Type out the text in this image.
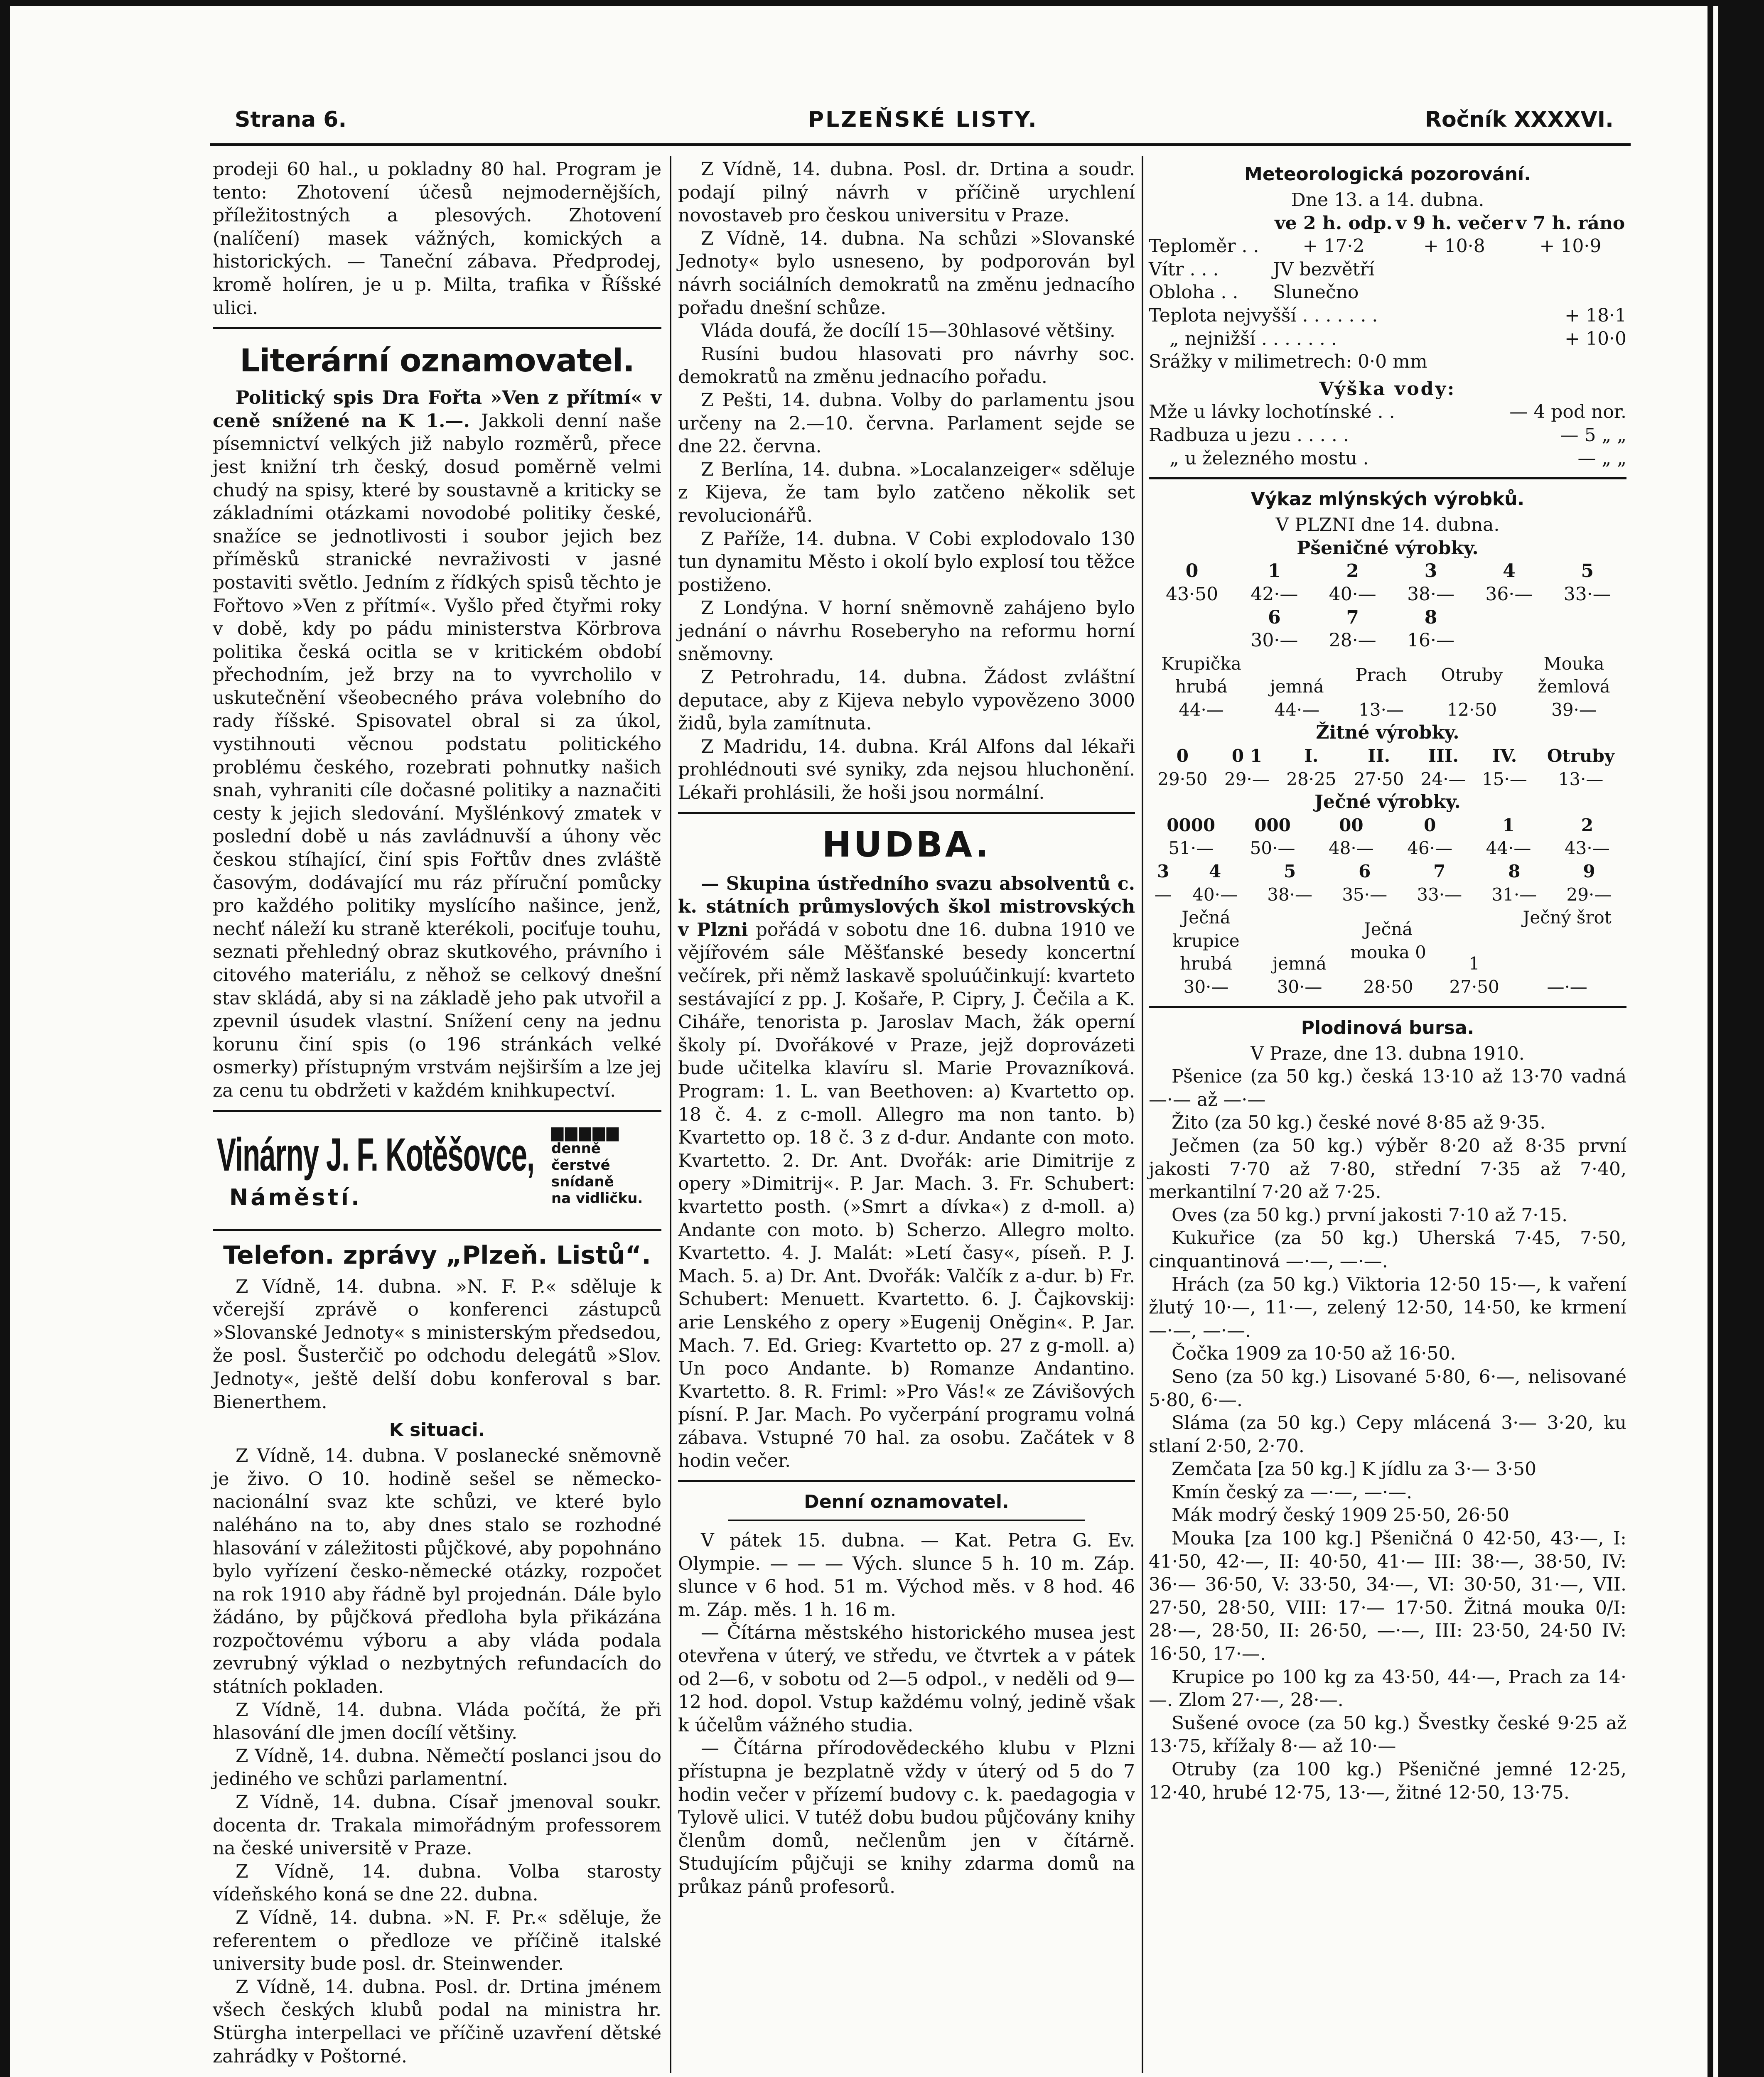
Strana 6.	PLZEŇSKÉ LISTY.	Ročník XXXXVI.

prodeji 60 hal., u pokladny 80 hal. Program je tento: Zhotovení účesů nejmodernějších, příležitostných a plesových. Zhotovení (nalíčení) masek vážných, komických a historických. — Taneční zábava. Předprodej, kromě holíren, je u p. Milta, trafika v Říšské ulici.

Literární oznamovatel.

Politický spis Dra Fořta »Ven z přítmí« v ceně snížené na K 1.—. Jakkoli denní naše písemnictví velkých již nabylo rozměrů, přece jest knižní trh český, dosud poměrně velmi chudý na spisy, které by soustavně a kriticky se základními otázkami novodobé politiky české, snažíce se jednotlivosti i soubor jejich bez příměsků stranické nevraživosti v jasné postaviti světlo. Jedním z řídkých spisů těchto je Fořtovo »Ven z přítmí«. Vyšlo před čtyřmi roky v době, kdy po pádu ministerstva Körbrova politika česká ocitla se v kritickém období přechodním, jež brzy na to vyvrcholilo v uskutečnění všeobecného práva volebního do rady říšské. Spisovatel obral si za úkol, vystihnouti věcnou podstatu politického problému českého, rozebrati pohnutky našich snah, vyhraniti cíle dočasné politiky a naznačiti cesty k jejich sledování. Myšlénkový zmatek v poslední době u nás zavládnuvší a úhony věc českou stíhající, činí spis Fořtův dnes zvláště časovým, dodávající mu ráz příruční pomůcky pro každého politiky myslícího našince, jenž, nechť náleží ku straně kterékoli, pociťuje touhu, seznati přehledný obraz skutkového, právního i citového materiálu, z něhož se celkový dnešní stav skládá, aby si na základě jeho pak utvořil a zpevnil úsudek vlastní. Snížení ceny na jednu korunu činí spis (o 196 stránkách velké osmerky) přístupným vrstvám nejširším a lze jej za cenu tu obdržeti v každém knihkupectví.

Vinárny J. F. Kotěšovce,
Náměstí.
▆▆▆▆▆
denně čerstvé
snídaně
na vidličku.
Telefon. zprávy „Plzeň. Listů“.

Z Vídně, 14. dubna. »N. F. P.« sděluje k včerejší zprávě o konferenci zástupců »Slovanské Jednoty« s ministerským předsedou, že posl. Šusterčič po odchodu delegátů »Slov. Jednoty«, ještě delší dobu konferoval s bar. Bienerthem.

K situaci.

Z Vídně, 14. dubna. V poslanecké sněmovně je živo. O 10. hodině sešel se německo-nacionální svaz kte schůzi, ve které bylo naléháno na to, aby dnes stalo se rozhodné hlasování v záležitosti půjčkové, aby popohnáno bylo vyřízení česko-německé otázky, rozpočet na rok 1910 aby řádně byl projednán. Dále bylo žádáno, by půjčková předloha byla přikázána rozpočtovému výboru a aby vláda podala zevrubný výklad o nezbytných refundacích do státních pokladen.

Z Vídně, 14. dubna. Vláda počítá, že při hlasování dle jmen docílí většiny.

Z Vídně, 14. dubna. Němečtí poslanci jsou do jediného ve schůzi parlamentní.

Z Vídně, 14. dubna. Císař jmenoval soukr. docenta dr. Trakala mimořádným professorem na české universitě v Praze.

Z Vídně, 14. dubna. Volba starosty vídeňského koná se dne 22. dubna.

Z Vídně, 14. dubna. »N. F. Pr.« sděluje, že referentem o předloze ve příčině italské university bude posl. dr. Steinwender.

Z Vídně, 14. dubna. Posl. dr. Drtina jménem všech českých klubů podal na ministra hr. Stürgha interpellaci ve příčině uzavření dětské zahrádky v Poštorné.

Z Vídně, 14. dubna. Posl. dr. Drtina a soudr. podají pilný návrh v příčině urychlení novostaveb pro českou universitu v Praze.

Z Vídně, 14. dubna. Na schůzi »Slovanské Jednoty« bylo usneseno, by podporován byl návrh sociálních demokratů na změnu jednacího pořadu dnešní schůze.

Vláda doufá, že docílí 15—30hlasové většiny.

Rusíni budou hlasovati pro návrhy soc. demokratů na změnu jednacího pořadu.

Z Pešti, 14. dubna. Volby do parlamentu jsou určeny na 2.—10. června. Parlament sejde se dne 22. června.

Z Berlína, 14. dubna. »Localanzeiger« sděluje z Kijeva, že tam bylo zatčeno několik set revolucionářů.

Z Paříže, 14. dubna. V Cobi explodovalo 130 tun dynamitu Město i okolí bylo explosí tou těžce postiženo.

Z Londýna. V horní sněmovně zahájeno bylo jednání o návrhu Roseberyho na reformu horní sněmovny.

Z Petrohradu, 14. dubna. Žádost zvláštní deputace, aby z Kijeva nebylo vypovězeno 3000 židů, byla zamítnuta.

Z Madridu, 14. dubna. Král Alfons dal lékaři prohlédnouti své syniky, zda nejsou hluchonění. Lékaři prohlásili, že hoši jsou normální.

HUDBA.

— Skupina ústředního svazu absolventů c. k. státních průmyslových škol mistrovských v Plzni pořádá v sobotu dne 16. dubna 1910 ve vějířovém sále Měšťanské besedy koncertní večírek, při němž laskavě spoluúčinkují: kvarteto sestávající z pp. J. Košaře, P. Cipry, J. Čečila a K. Ciháře, tenorista p. Jaroslav Mach, žák operní školy pí. Dvořákové v Praze, jejž doprovázeti bude učitelka klavíru sl. Marie Provazníková. Program: 1. L. van Beethoven: a) Kvartetto op. 18 č. 4. z c-moll. Allegro ma non tanto. b) Kvartetto op. 18 č. 3 z d-dur. Andante con moto. Kvartetto. 2. Dr. Ant. Dvořák: arie Dimitrije z opery »Dimitrij«. P. Jar. Mach. 3. Fr. Schubert: kvartetto posth. (»Smrt a dívka«) z d-moll. a) Andante con moto. b) Scherzo. Allegro molto. Kvartetto. 4. J. Malát: »Letí časy«, píseň. P. J. Mach. 5. a) Dr. Ant. Dvořák: Valčík z a-dur. b) Fr. Schubert: Menuett. Kvartetto. 6. J. Čajkovskij: arie Lenského z opery »Eugenij Oněgin«. P. Jar. Mach. 7. Ed. Grieg: Kvartetto op. 27 z g-moll. a) Un poco Andante. b) Romanze Andantino. Kvartetto. 8. R. Friml: »Pro Vás!« ze Závišových písní. P. Jar. Mach. Po vyčerpání programu volná zábava. Vstupné 70 hal. za osobu. Začátek v 8 hodin večer.

Denní oznamovatel.

V pátek 15. dubna. — Kat. Petra G. Ev. Olympie. — — — Vých. slunce 5 h. 10 m. Záp. slunce v 6 hod. 51 m. Východ měs. v 8 hod. 46 m. Záp. měs. 1 h. 16 m.

— Čítárna městského historického musea jest otevřena v úterý, ve středu, ve čtvrtek a v pátek od 2—6, v sobotu od 2—5 odpol., v neděli od 9—12 hod. dopol. Vstup každému volný, jedině však k účelům vážného studia.

— Čítárna přírodovědeckého klubu v Plzni přístupna je bezplatně vždy v úterý od 5 do 7 hodin večer v přízemí budovy c. k. paedagogia v Tylově ulici. V tutéž dobu budou půjčovány knihy členům domů, nečlenům jen v čítárně. Studujícím půjčuji se knihy zdarma domů na průkaz pánů profesorů.

Meteorologická pozorování.

Dne 13. a 14. dubna.

	ve 2 h. odp.	v 9 h. večer	v 7 h. ráno
Teploměr . .	+ 17·2	+ 10·8	+ 10·9
Vítr . . .	JV bezvětří		
Obloha . .	Slunečno		
Teplota nejvyšší . . . . . . .			+ 18·1
„ nejnižší . . . . . . .			+ 10·0
Srážky v milimetrech: 0·0 mm			

Výška vody:

Mže u lávky lochotínské . .	— 4 pod nor.
Radbuza u jezu . . . . .	— 5 „ „
„ u železného mostu .	— „ „
Výkaz mlýnských výrobků.

V PLZNI dne 14. dubna.

Pšeničné výrobky.

0	1	2	3	4	5
43·50	42·—	40·—	38·—	36·—	33·—
	6	7	8		
	30·—	28·—	16·—		
Krupička hrubá	jemná	Prach	Otruby	Mouka žemlová
44·—	44·—	13·—	12·50	39·—

Žitné výrobky.

0	0 1	I.	II.	III.	IV.	Otruby
29·50	29·—	28·25	27·50	24·—	15·—	13·—

Ječné výrobky.

0000	000	00	0	1	2
51·—	50·—	48·—	46·—	44·—	43·—
3	4	5	6	7	8	9
—	40·—	38·—	35·—	33·—	31·—	29·—
Ječná krupice hrubá	jemná	Ječná mouka 0	1	Ječný šrot
30·—	30·—	28·50	27·50	—·—
Plodinová bursa.

V Praze, dne 13. dubna 1910.

Pšenice (za 50 kg.) česká 13·10 až 13·70 vadná —·— až —·—

Žito (za 50 kg.) české nové 8·85 až 9·35.

Ječmen (za 50 kg.) výběr 8·20 až 8·35 první jakosti 7·70 až 7·80, střední 7·35 až 7·40, merkantilní 7·20 až 7·25.

Oves (za 50 kg.) první jakosti 7·10 až 7·15.

Kukuřice (za 50 kg.) Uherská 7·45, 7·50, cinquantinová —·—, —·—.

Hrách (za 50 kg.) Viktoria 12·50 15·—, k vaření žlutý 10·—, 11·—, zelený 12·50, 14·50, ke krmení —·—, —·—.

Čočka 1909 za 10·50 až 16·50.

Seno (za 50 kg.) Lisované 5·80, 6·—, nelisované 5·80, 6·—.

Sláma (za 50 kg.) Cepy mlácená 3·— 3·20, ku stlaní 2·50, 2·70.

Zemčata [za 50 kg.] K jídlu za 3·— 3·50

Kmín český za —·—, —·—.

Mák modrý český 1909 25·50, 26·50

Mouka [za 100 kg.] Pšeničná 0 42·50, 43·—, I: 41·50, 42·—, II: 40·50, 41·— III: 38·—, 38·50, IV: 36·— 36·50, V: 33·50, 34·—, VI: 30·50, 31·—, VII. 27·50, 28·50, VIII: 17·— 17·50. Žitná mouka 0/I: 28·—, 28·50, II: 26·50, —·—, III: 23·50, 24·50 IV: 16·50, 17·—.

Krupice po 100 kg za 43·50, 44·—, Prach za 14·—. Zlom 27·—, 28·—.

Sušené ovoce (za 50 kg.) Švestky české 9·25 až 13·75, křížaly 8·— až 10·—

Otruby (za 100 kg.) Pšeničné jemné 12·25, 12·40, hrubé 12·75, 13·—, žitné 12·50, 13·75.
